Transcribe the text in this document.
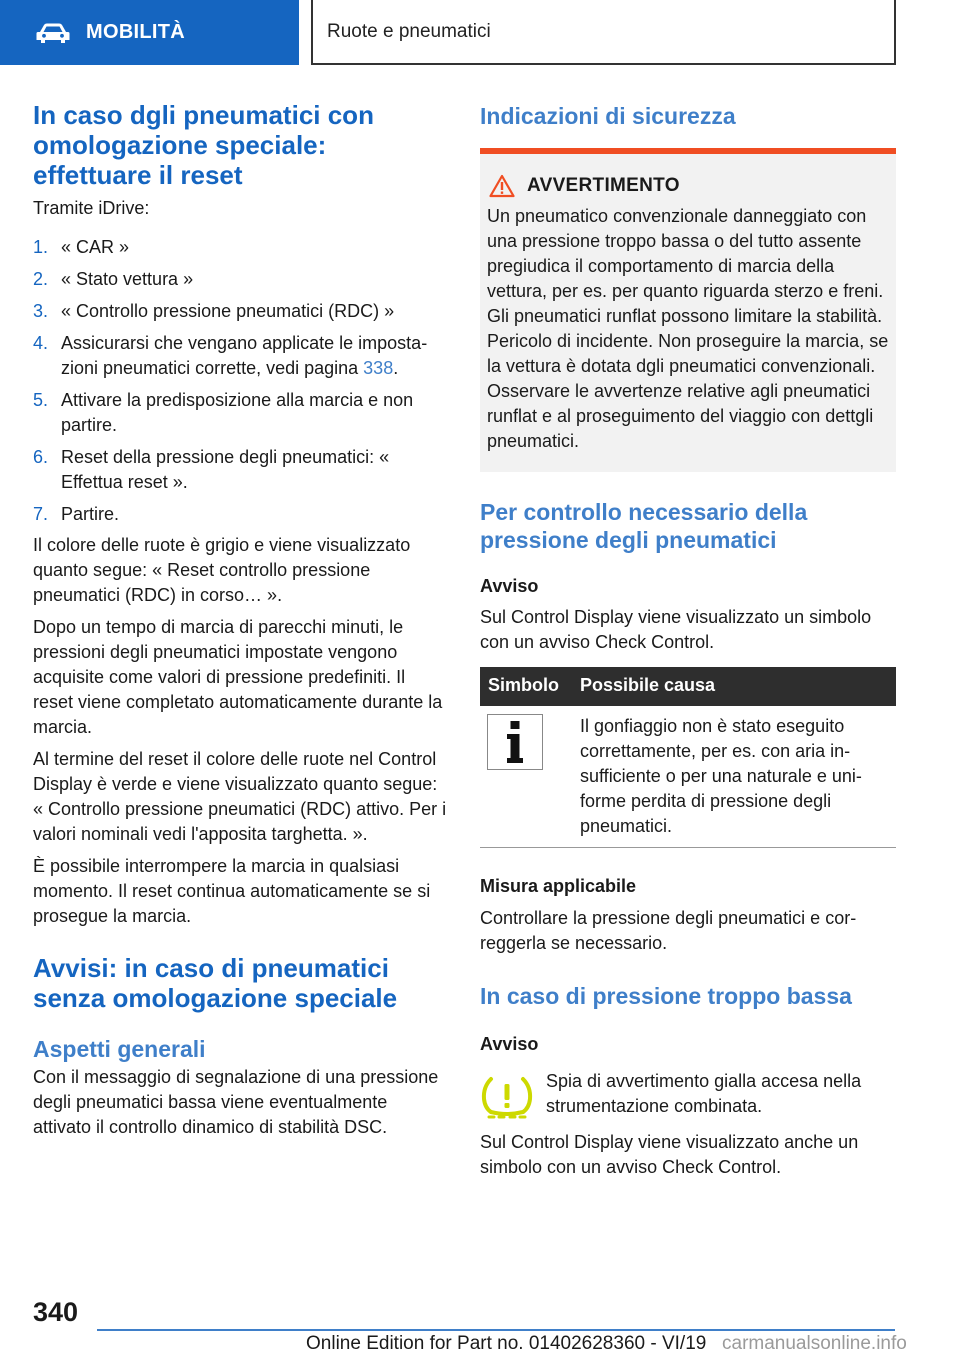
MOBILITÀ	Ruote e pneumatici
In caso dgli pneumatici con omologazione speciale: effettuare il reset

Tramite iDrive:

1. « CAR »
2. « Stato vettura »
3. « Controllo pressione pneumatici (RDC) »
4. Assicurarsi che vengano applicate le impostazioni pneumatici corrette, vedi pagina 338.
5. Attivare la predisposizione alla marcia e non partire.
6. Reset della pressione degli pneumatici: « Effettua reset ».
7. Partire.

Il colore delle ruote è grigio e viene visualizzato quanto segue: « Reset controllo pressione pneumatici (RDC) in corso… ».

Dopo un tempo di marcia di parecchi minuti, le pressioni degli pneumatici impostate vengono acquisite come valori di pressione predefiniti. Il reset viene completato automaticamente durante la marcia.

Al termine del reset il colore delle ruote nel Control Display è verde e viene visualizzato quanto segue: « Controllo pressione pneumatici (RDC) attivo. Per i valori nominali vedi l'apposita targhetta. ».

È possibile interrompere la marcia in qualsiasi momento. Il reset continua automaticamente se si prosegue la marcia.

Avvisi: in caso di pneumatici senza omologazione speciale
Aspetti generali

Con il messaggio di segnalazione di una pressione degli pneumatici bassa viene eventualmente attivato il controllo dinamico di stabilità DSC.

Indicazioni di sicurezza
AVVERTIMENTO

Un pneumatico convenzionale danneggiato con una pressione troppo bassa o del tutto assente pregiudica il comportamento di marcia della vettura, per es. per quanto riguarda sterzo e freni. Gli pneumatici runflat possono limitare la stabilità. Pericolo di incidente. Non proseguire la marcia, se la vettura è dotata dgli pneumatici convenzionali. Osservare le avvertenze relative agli pneumatici runflat e al proseguimento del viaggio con dettgli pneumatici.

Per controllo necessario della pressione degli pneumatici

Avviso

Sul Control Display viene visualizzato un simbolo con un avviso Check Control.

Simbolo	Possibile causa

	Il gonfiaggio non è stato eseguito correttamente, per es. con aria insufficiente o per una naturale e uniforme perdita di pressione degli pneumatici.

Misura applicabile

Controllare la pressione degli pneumatici e correggerla se necessario.

In caso di pressione troppo bassa

Avviso

Spia di avvertimento gialla accesa nella strumentazione combinata.

Sul Control Display viene visualizzato anche un simbolo con un avviso Check Control.

340
Online Edition for Part no. 01402628360 - VI/19 carmanualsonline.info
